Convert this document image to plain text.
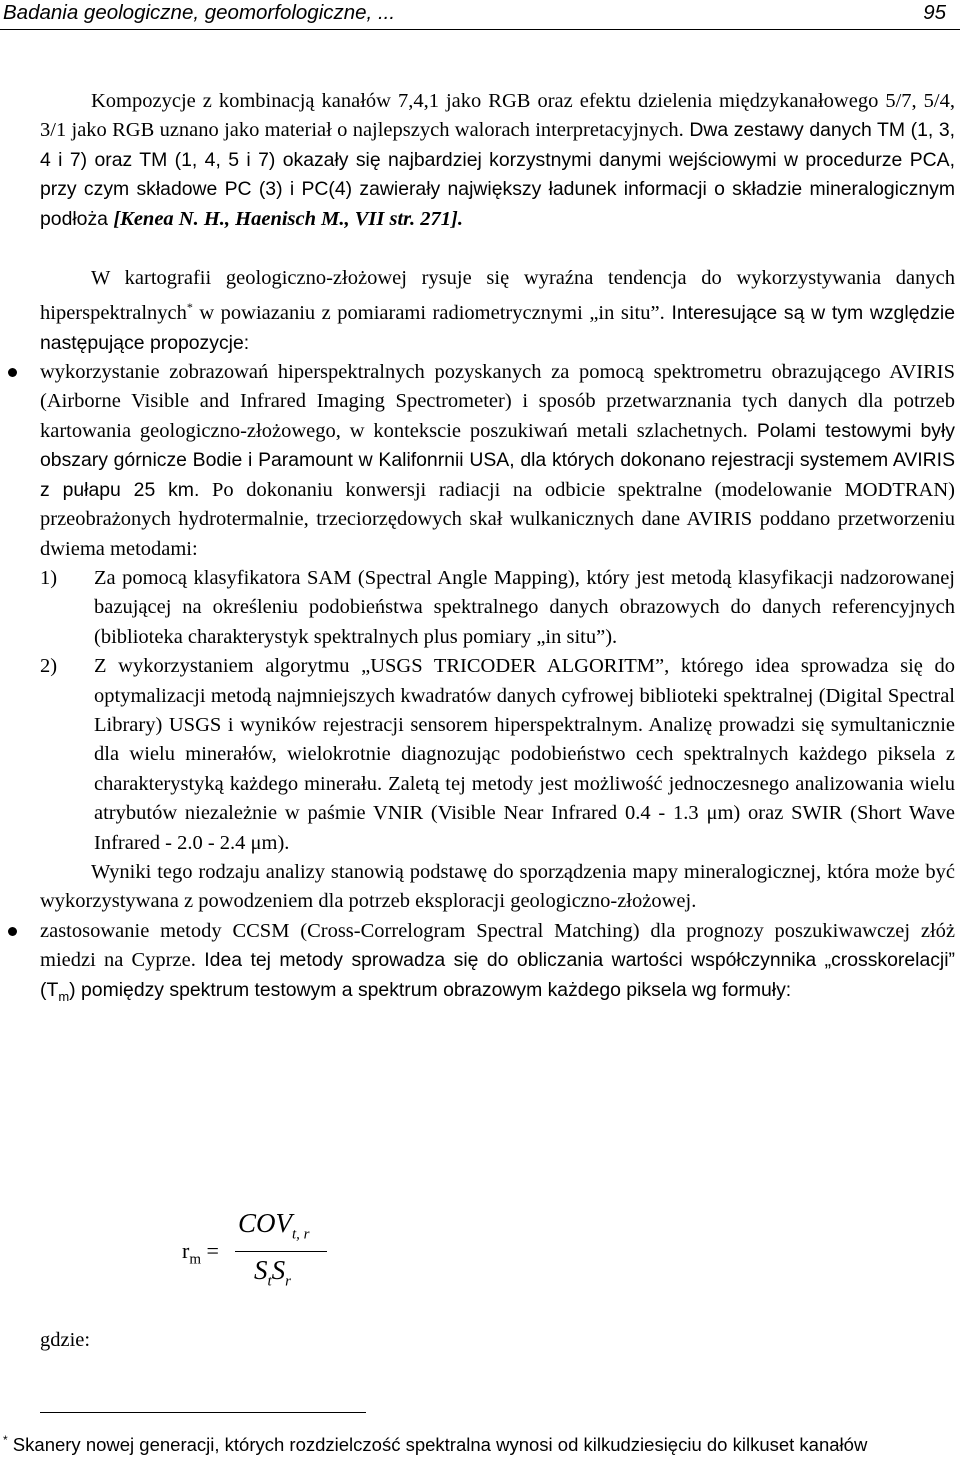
Badania geologiczne, geomorfologiczne, ...	95

Kompozycje z kombinacją kanałów 7,4,1 jako RGB oraz efektu dzielenia międzykanałowego 5/7, 5/4, 3/1 jako RGB uznano jako materiał o najlepszych walorach interpretacyjnych. Dwa zestawy danych TM (1, 3, 4 i 7) oraz TM (1, 4, 5 i 7) okazały się najbardziej korzystnymi danymi wejściowymi w procedurze PCA, przy czym składowe PC (3) i PC(4) zawierały największy ładunek informacji o składzie mineralogicznym podłoża [Kenea N. H., Haenisch M., VII str. 271].

W kartografii geologiczno-złożowej rysuje się wyraźna tendencja do wykorzystywania danych hiperspektralnych* w powiazaniu z pomiarami radiometrycznymi „in situ”. Interesujące są w tym względzie następujące propozycje:

wykorzystanie zobrazowań hiperspektralnych pozyskanych za pomocą spektrometru obrazującego AVIRIS (Airborne Visible and Infrared Imaging Spectrometer) i sposób przetwarznania tych danych dla potrzeb kartowania geologiczno-złożowego, w kontekscie poszukiwań metali szlachetnych. Polami testowymi były obszary górnicze Bodie i Paramount w Kalifonrnii USA, dla których dokonano rejestracji systemem AVIRIS z pułapu 25 km. Po dokonaniu konwersji radiacji na odbicie spektralne (modelowanie MODTRAN) przeobrażonych hydrotermalnie, trzeciorzędowych skał wulkanicznych dane AVIRIS poddano przetworzeniu dwiema metodami:
1) Za pomocą klasyfikatora SAM (Spectral Angle Mapping), który jest metodą klasyfikacji nadzorowanej bazującej na określeniu podobieństwa spektralnego danych obrazowych do danych referencyjnych (biblioteka charakterystyk spektralnych plus pomiary „in situ”).
2) Z wykorzystaniem algorytmu „USGS TRICODER ALGORITM”, którego idea sprowadza się do optymalizacji metodą najmniejszych kwadratów danych cyfrowej biblioteki spektralnej (Digital Spectral Library) USGS i wyników rejestracji sensorem hiperspektralnym. Analizę prowadzi się symultanicznie dla wielu minerałów, wielokrotnie diagnozując podobieństwo cech spektralnych każdego piksela z charakterystyką każdego minerału. Zaletą tej metody jest możliwość jednoczesnego analizowania wielu atrybutów niezależnie w paśmie VNIR (Visible Near Infrared 0.4 - 1.3 μm) oraz SWIR (Short Wave Infrared - 2.0 - 2.4 μm).

Wyniki tego rodzaju analizy stanowią podstawę do sporządzenia mapy mineralogicznej, która może być wykorzystywana z powodzeniem dla potrzeb eksploracji geologiczno-złożowej.

zastosowanie metody CCSM (Cross-Correlogram Spectral Matching) dla prognozy poszukiwawczej złóż miedzi na Cyprze. Idea tej metody sprowadza się do obliczania wartości współczynnika „crosskorelacji” $(T_m)$ pomiędzy spektrum testowym a spektrum obrazowym każdego piksela wg formuły:
$r_m$ =
$COV_{t, r}$
$S_tS_r$
gdzie:
* Skanery nowej generacji, których rozdzielczość spektralna wynosi od kilkudziesięciu do kilkuset kanałów
